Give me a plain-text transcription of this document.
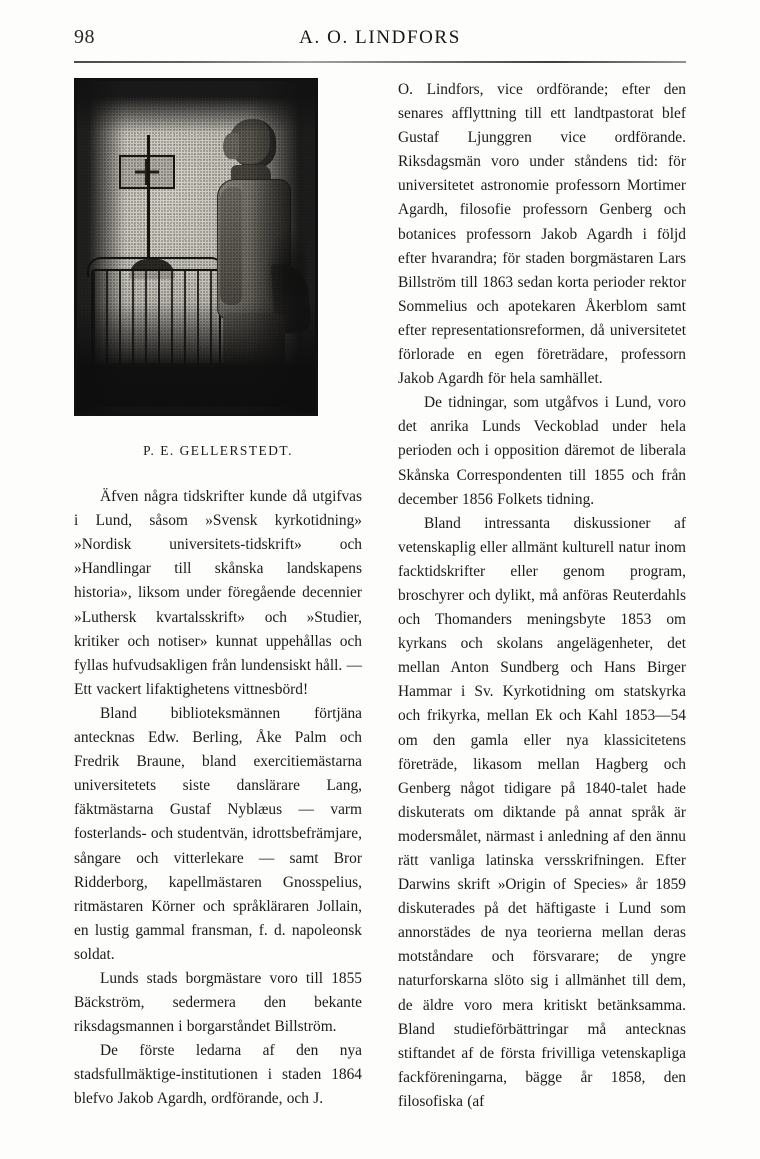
98	A. O. LINDFORS
P. E. GELLERSTEDT.

Äfven några tidskrifter kunde då utgifvas i Lund, såsom »Svensk kyrkotidning» »Nordisk universitets-tidskrift» och »Handlingar till skånska landskapens historia», liksom under föregående decennier »Luthersk kvartalsskrift» och »Studier, kritiker och notiser» kunnat uppehållas och fyllas hufvudsakligen från lundensiskt håll. — Ett vackert lifaktighetens vittnesbörd!

Bland biblioteksmännen förtjäna antecknas Edw. Berling, Åke Palm och Fredrik Braune, bland exercitiemästarna universitetets siste danslärare Lang, fäktmästarna Gustaf Nyblæus — varm fosterlands- och studentvän, idrottsbefrämjare, sångare och vitterlekare — samt Bror Ridderborg, kapellmästaren Gnosspelius, ritmästaren Körner och språkläraren Jollain, en lustig gammal fransman, f. d. napoleonsk soldat.

Lunds stads borgmästare voro till 1855 Bäckström, sedermera den bekante riksdagsmannen i borgarståndet Billström.

De förste ledarna af den nya stadsfullmäktige-institutionen i staden 1864 blefvo Jakob Agardh, ordförande, och J.

O. Lindfors, vice ordförande; efter den senares afflyttning till ett landtpastorat blef Gustaf Ljunggren vice ordförande. Riksdagsmän voro under ståndens tid: för universitetet astronomie professorn Mortimer Agardh, filosofie professorn Genberg och botanices professorn Jakob Agardh i följd efter hvarandra; för staden borgmästaren Lars Billström till 1863 sedan korta perioder rektor Sommelius och apotekaren Åkerblom samt efter representationsreformen, då universitetet förlorade en egen företrädare, professorn Jakob Agardh för hela samhället.

De tidningar, som utgåfvos i Lund, voro det anrika Lunds Veckoblad under hela perioden och i opposition däremot de liberala Skånska Correspondenten till 1855 och från december 1856 Folkets tidning.

Bland intressanta diskussioner af vetenskaplig eller allmänt kulturell natur inom facktidskrifter eller genom program, broschyrer och dylikt, må anföras Reuterdahls och Thomanders meningsbyte 1853 om kyrkans och skolans angelägenheter, det mellan Anton Sundberg och Hans Birger Hammar i Sv. Kyrkotidning om statskyrka och frikyrka, mellan Ek och Kahl 1853—54 om den gamla eller nya klassicitetens företräde, likasom mellan Hagberg och Genberg något tidigare på 1840-talet hade diskuterats om diktande på annat språk är modersmålet, närmast i anledning af den ännu rätt vanliga latinska versskrifningen. Efter Darwins skrift »Origin of Species» år 1859 diskuterades på det häftigaste i Lund som annorstädes de nya teorierna mellan deras motståndare och försvarare; de yngre naturforskarna slöto sig i allmänhet till dem, de äldre voro mera kritiskt betänksamma. Bland studieförbättringar må antecknas stiftandet af de första frivilliga vetenskapliga fackföreningarna, bägge år 1858, den filosofiska (af
